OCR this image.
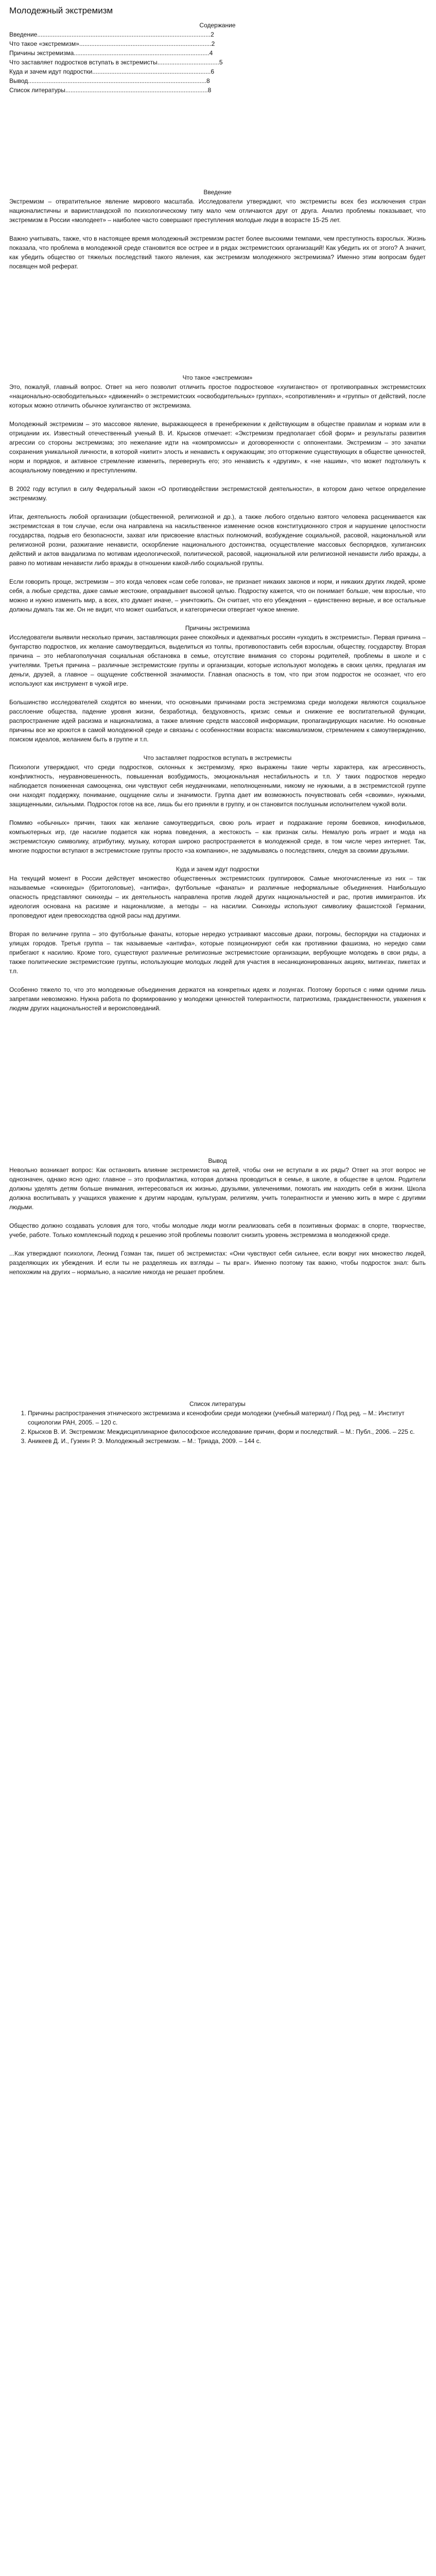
Молодежный экстремизм
Содержание
Введение.....................................................................................................2
Что такое «экстремизм».............................................................................2
Причины экстремизма...............................................................................4
Что заставляет подростков вступать в экстремисты....................................5
Куда и зачем идут подростки.....................................................................6
Вывод........................................................................................................8
Список литературы...................................................................................8
Введение

Экстремизм – отвратительное явление мирового масштаба. Исследователи утверждают, что экстремисты всех без исключения стран националистичны и вариистландской по психологическому типу мало чем отличаются друг от друга. Анализ проблемы показывает, что экстремизм в России «молодеет» – наиболее часто совершают преступления молодые люди в возрасте 15-25 лет.

Важно учитывать, также, что в настоящее время молодежный экстремизм растет более высокими темпами, чем преступность взрослых. Жизнь показала, что проблема в молодежной среде становится все острее и в рядах экстремистских организаций! Как убедить их от этого? А значит, как убедить общество от тяжелых последствий такого явления, как экстремизм молодежного экстремизма? Именно этим вопросам будет посвящен мой реферат.

Что такое «экстремизм»

Это, пожалуй, главный вопрос. Ответ на него позволит отличить простое подростковое «хулиганство» от противоправных экстремистских «национально-освободительных» «движений» о экстремистских «освободительных» группах», «сопротивления» и «группы» от действий, после которых можно отличить обычное хулиганство от экстремизма.

Молодежный экстремизм – это массовое явление, выражающееся в пренебрежении к действующим в обществе правилам и нормам или в отрицании их. Известный отечественный ученый В. И. Крысков отмечает: «Экстремизм предполагает сбой форм» и результаты развития агрессии со стороны экстремизма; это нежелание идти на «компромиссы» и договоренности с оппонентами. Экстремизм – это зачатки сохранения уникальной личности, в которой «кипит» злость и ненависть к окружающим; это отторжение существующих в обществе ценностей, норм и порядков, и активное стремление изменить, перевернуть его; это ненависть к «другим», к «не нашим», что может подтолкнуть к асоциальному поведению и преступлениям.

В 2002 году вступил в силу Федеральный закон «О противодействии экстремистской деятельности», в котором дано четкое определение экстремизму.

Итак, деятельность любой организации (общественной, религиозной и др.), а также любого отдельно взятого человека расценивается как экстремистская в том случае, если она направлена на насильственное изменение основ конституционного строя и нарушение целостности государства, подрыв его безопасности, захват или присвоение властных полномочий, возбуждение социальной, расовой, национальной или религиозной розни, разжигание ненависти, оскорбление национального достоинства, осуществление массовых беспорядков, хулиганских действий и актов вандализма по мотивам идеологической, политической, расовой, национальной или религиозной ненависти либо вражды, а равно по мотивам ненависти либо вражды в отношении какой-либо социальной группы.

Если говорить проще, экстремизм – это когда человек «сам себе голова», не признает никаких законов и норм, и никаких других людей, кроме себя, а любые средства, даже самые жестокие, оправдывает высокой целью. Подростку кажется, что он понимает больше, чем взрослые, что можно и нужно изменить мир, а всех, кто думает иначе, – уничтожить. Он считает, что его убеждения – единственно верные, и все остальные должны думать так же. Он не видит, что может ошибаться, и категорически отвергает чужое мнение.

Причины экстремизма

Исследователи выявили несколько причин, заставляющих ранее спокойных и адекватных россиян «уходить в экстремисты». Первая причина – бунтарство подростков, их желание самоутвердиться, выделиться из толпы, противопоставить себя взрослым, обществу, государству. Вторая причина – это неблагополучная социальная обстановка в семье, отсутствие внимания со стороны родителей, проблемы в школе и с учителями. Третья причина – различные экстремистские группы и организации, которые используют молодежь в своих целях, предлагая им деньги, друзей, а главное – ощущение собственной значимости. Главная опасность в том, что при этом подросток не осознает, что его используют как инструмент в чужой игре.

Большинство исследователей сходятся во мнении, что основными причинами роста экстремизма среди молодежи являются социальное расслоение общества, падение уровня жизни, безработица, бездуховность, кризис семьи и снижение ее воспитательной функции, распространение идей расизма и национализма, а также влияние средств массовой информации, пропагандирующих насилие. Но основные причины все же кроются в самой молодежной среде и связаны с особенностями возраста: максимализмом, стремлением к самоутверждению, поиском идеалов, желанием быть в группе и т.п.

Что заставляет подростков вступать в экстремисты

Психологи утверждают, что среди подростков, склонных к экстремизму, ярко выражены такие черты характера, как агрессивность, конфликтность, неуравновешенность, повышенная возбудимость, эмоциональная нестабильность и т.п. У таких подростков нередко наблюдается пониженная самооценка, они чувствуют себя неудачниками, неполноценными, никому не нужными, а в экстремистской группе они находят поддержку, понимание, ощущение силы и значимости. Группа дает им возможность почувствовать себя «своими», нужными, защищенными, сильными. Подросток готов на все, лишь бы его приняли в группу, и он становится послушным исполнителем чужой воли.

Помимо «обычных» причин, таких как желание самоутвердиться, свою роль играет и подражание героям боевиков, кинофильмов, компьютерных игр, где насилие подается как норма поведения, а жестокость – как признак силы. Немалую роль играет и мода на экстремистскую символику, атрибутику, музыку, которая широко распространяется в молодежной среде, в том числе через интернет. Так, многие подростки вступают в экстремистские группы просто «за компанию», не задумываясь о последствиях, следуя за своими друзьями.

Куда и зачем идут подростки

На текущий момент в России действует множество общественных экстремистских группировок. Самые многочисленные из них – так называемые «скинхеды» (бритоголовые), «антифа», футбольные «фанаты» и различные неформальные объединения. Наибольшую опасность представляют скинхеды – их деятельность направлена против людей других национальностей и рас, против иммигрантов. Их идеология основана на расизме и национализме, а методы – на насилии. Скинхеды используют символику фашистской Германии, проповедуют идеи превосходства одной расы над другими.

Вторая по величине группа – это футбольные фанаты, которые нередко устраивают массовые драки, погромы, беспорядки на стадионах и улицах городов. Третья группа – так называемые «антифа», которые позиционируют себя как противники фашизма, но нередко сами прибегают к насилию. Кроме того, существуют различные религиозные экстремистские организации, вербующие молодежь в свои ряды, а также политические экстремистские группы, использующие молодых людей для участия в несанкционированных акциях, митингах, пикетах и т.п.

Особенно тяжело то, что это молодежные объединения держатся на конкретных идеях и лозунгах. Поэтому бороться с ними одними лишь запретами невозможно. Нужна работа по формированию у молодежи ценностей толерантности, патриотизма, гражданственности, уважения к людям других национальностей и вероисповеданий.

Вывод

Невольно возникает вопрос: Как остановить влияние экстремистов на детей, чтобы они не вступали в их ряды? Ответ на этот вопрос не однозначен, однако ясно одно: главное – это профилактика, которая должна проводиться в семье, в школе, в обществе в целом. Родители должны уделять детям больше внимания, интересоваться их жизнью, друзьями, увлечениями, помогать им находить себя в жизни. Школа должна воспитывать у учащихся уважение к другим народам, культурам, религиям, учить толерантности и умению жить в мире с другими людьми.

Общество должно создавать условия для того, чтобы молодые люди могли реализовать себя в позитивных формах: в спорте, творчестве, учебе, работе. Только комплексный подход к решению этой проблемы позволит снизить уровень экстремизма в молодежной среде.

...Как утверждают психологи, Леонид Гозман так, пишет об экстремистах: «Они чувствуют себя сильнее, если вокруг них множество людей, разделяющих их убеждения. И если ты не разделяешь их взгляды – ты враг». Именно поэтому так важно, чтобы подросток знал: быть непохожим на других – нормально, а насилие никогда не решает проблем.

Список литературы
1. Причины распространения этнического экстремизма и ксенофобии среди молодежи (учебный материал) / Под ред. – М.: Институт социологии РАН, 2005. – 120 с.
2. Крысков В. И. Экстремизм: Междисциплинарное философское исследование причин, форм и последствий. – М.: Публ., 2006. – 225 с.
3. Аникеев Д. И., Гузеин Р. Э. Молодежный экстремизм. – М.: Триада, 2009. – 144 с.
